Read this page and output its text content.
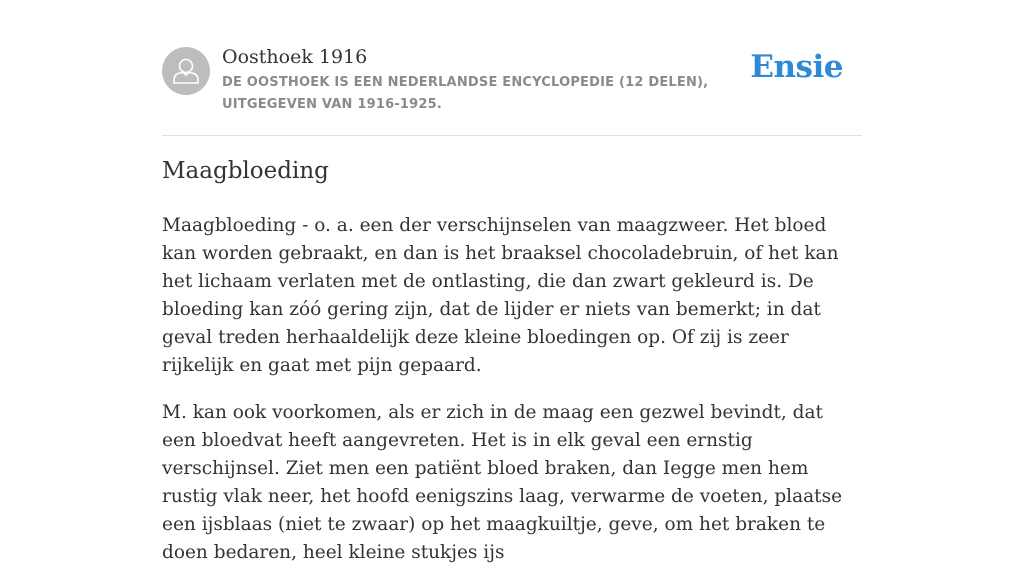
Oosthoek 1916
DE OOSTHOEK IS EEN NEDERLANDSE ENCYCLOPEDIE (12 DELEN), UITGEGEVEN VAN 1916-1925.
Ensie
Maagbloeding

Maagbloeding - o. a. een der verschijnselen van maagzweer. Het bloed kan worden gebraakt, en dan is het braaksel chocoladebruin, of het kan het lichaam verlaten met de ontlasting, die dan zwart gekleurd is. De bloeding kan zóó gering zijn, dat de lijder er niets van bemerkt; in dat geval treden herhaaldelijk deze kleine bloedingen op. Of zij is zeer rijkelijk en gaat met pijn gepaard.

M. kan ook voorkomen, als er zich in de maag een gezwel bevindt, dat een bloedvat heeft aangevreten. Het is in elk geval een ernstig verschijnsel. Ziet men een patiënt bloed braken, dan Iegge men hem rustig vlak neer, het hoofd eenigszins laag, verwarme de voeten, plaatse een ijsblaas (niet te zwaar) op het maagkuiltje, geve, om het braken te doen bedaren, heel kleine stukjes ijs
